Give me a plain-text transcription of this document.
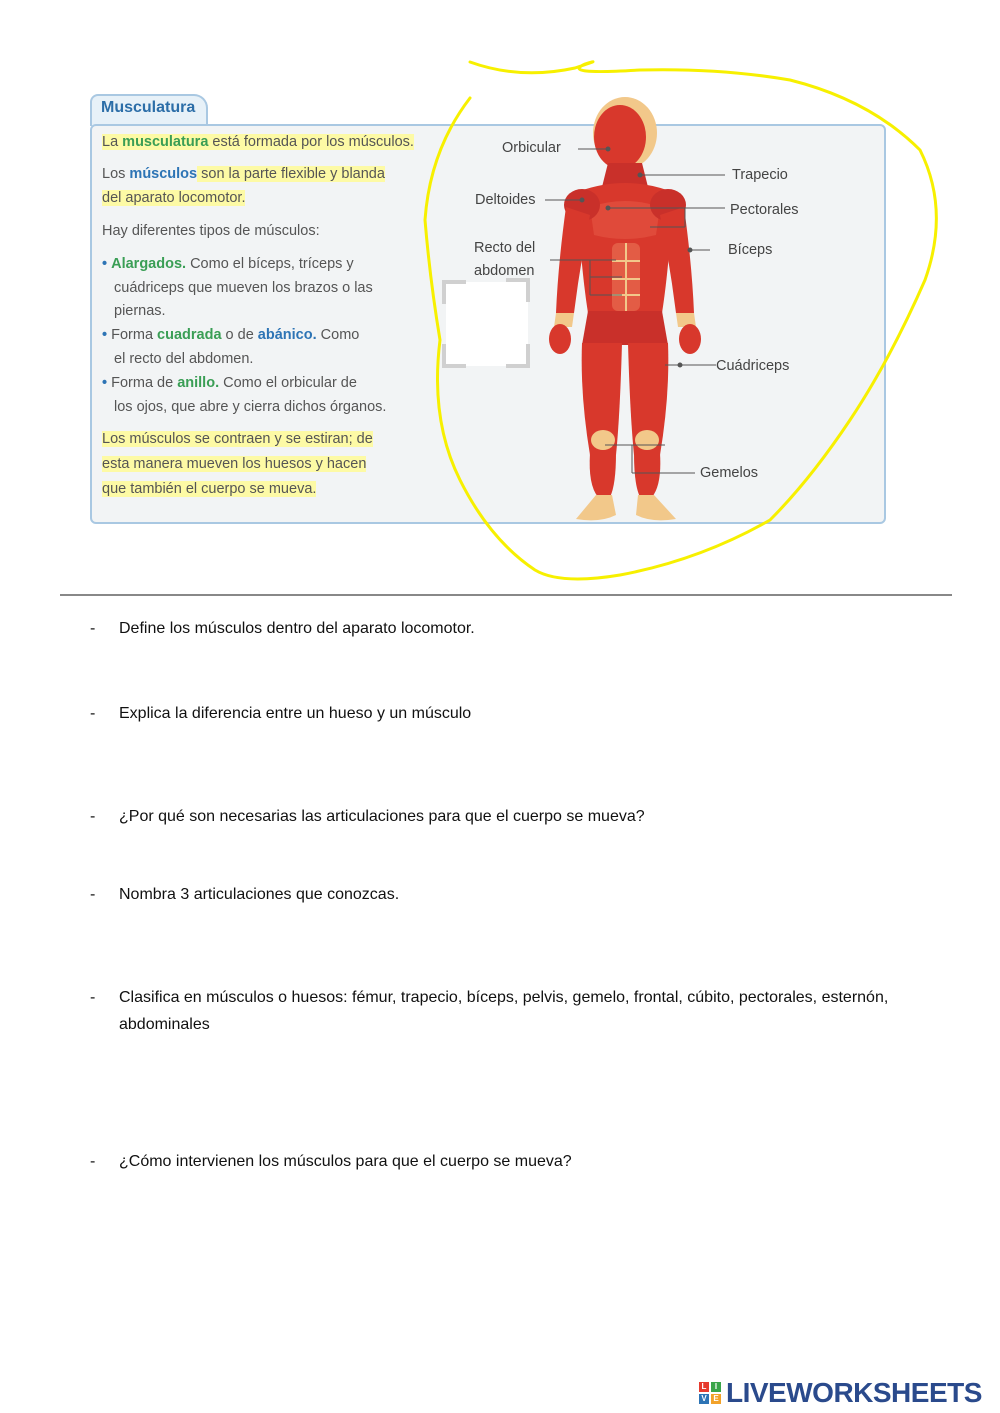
Musculatura
La musculatura está formada por los músculos.
Los músculos son la parte flexible y blanda
del aparato locomotor.
Hay diferentes tipos de músculos:
• Alargados. Como el bíceps, tríceps y
cuádriceps que mueven los brazos o las
piernas.
• Forma cuadrada o de abánico. Como
el recto del abdomen.
• Forma de anillo. Como el orbicular de
los ojos, que abre y cierra dichos órganos.
Los músculos se contraen y se estiran; de
esta manera mueven los huesos y hacen
que también el cuerpo se mueva.
Orbicular
Trapecio
Deltoides
Pectorales
Recto del
abdomen
Bíceps
Cuádriceps
Gemelos
- Define los músculos dentro del aparato locomotor.
- Explica la diferencia entre un hueso y un músculo
- ¿Por qué son necesarias las articulaciones para que el cuerpo se mueva?
- Nombra 3 articulaciones que conozcas.
- Clasifica en músculos o huesos: fémur, trapecio, bíceps, pelvis, gemelo, frontal, cúbito, pectorales, esternón,
abdominales
- ¿Cómo intervienen los músculos para que el cuerpo se mueva?
L	I
V E LIVEWORKSHEETS
